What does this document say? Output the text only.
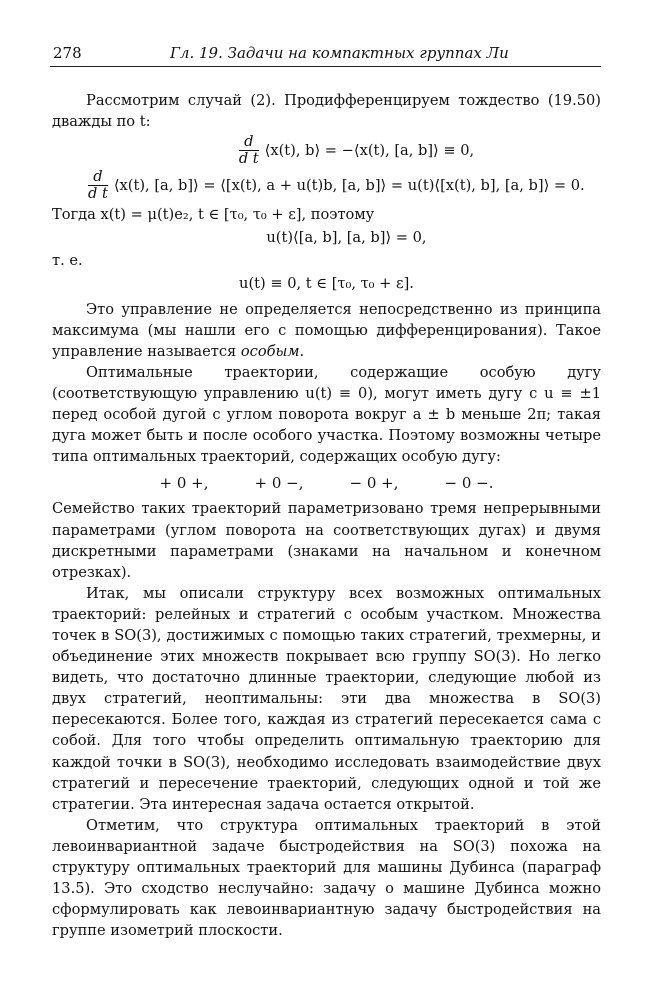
278	Гл. 19. Задачи на компактных группах Ли

Рассмотрим случай (2). Продифференцируем тождество (19.50) дважды по t:

$\frac{d}{\text{d t}}$ ⟨x(t), b⟩ = −⟨x(t), [a, b]⟩ ≡ 0,
$\frac{d}{\text{d t}}$ ⟨x(t), [a, b]⟩ = ⟨[x(t), a + u(t)b, [a, b]⟩ = u(t)⟨[x(t), b], [a, b]⟩ = 0.

Тогда x(t) = μ(t)e₂, t ∈ [τ₀, τ₀ + ε], поэтому

u(t)⟨[a, b], [a, b]⟩ = 0,

т. е.

u(t) ≡ 0, t ∈ [τ₀, τ₀ + ε].

Это управление не определяется непосредственно из принципа максимума (мы нашли его с помощью дифференцирования). Такое управление называется особым.

Оптимальные траектории, содержащие особую дугу (соответствующую управлению u(t) ≡ 0), могут иметь дугу с u ≡ ±1 перед особой дугой с углом поворота вокруг a ± b меньше 2π; такая дуга может быть и после особого участка. Поэтому возможны четыре типа оптимальных траекторий, содержащих особую дугу:

+ 0 +,	+ 0 −,	− 0 +,	− 0 −.

Семейство таких траекторий параметризовано тремя непрерывными параметрами (углом поворота на соответствующих дугах) и двумя дискретными параметрами (знаками на начальном и конечном отрезках).

Итак, мы описали структуру всех возможных оптимальных траекторий: релейных и стратегий с особым участком. Множества точек в SO(3), достижимых с помощью таких стратегий, трехмерны, и объединение этих множеств покрывает всю группу SO(3). Но легко видеть, что достаточно длинные траектории, следующие любой из двух стратегий, неоптимальны: эти два множества в SO(3) пересекаются. Более того, каждая из стратегий пересекается сама с собой. Для того чтобы определить оптимальную траекторию для каждой точки в SO(3), необходимо исследовать взаимодействие двух стратегий и пересечение траекторий, следующих одной и той же стратегии. Эта интересная задача остается открытой.

Отметим, что структура оптимальных траекторий в этой левоинвариантной задаче быстродействия на SO(3) похожа на структуру оптимальных траекторий для машины Дубинса (параграф 13.5). Это сходство неслучайно: задачу о машине Дубинса можно сформулировать как левоинвариантную задачу быстродействия на группе изометрий плоскости.
